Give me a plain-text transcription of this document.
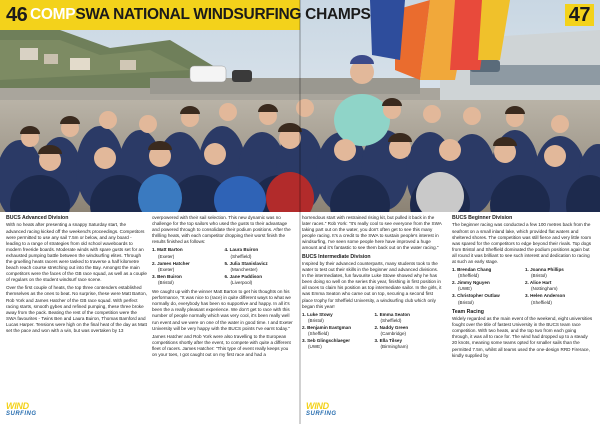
46 COMPSWA NATIONAL WINDSURFING CHAMPS	47
BUCS Advanced Division

With no heats after presenting a snappy Saturday start, the advanced racing kicked off the weekend's proceedings. Competitors were permitted to use any sail 7.5m or below, and any board - leading to a range of strategies from old school waveboards to modern freeride boards. Moderate winds with spare gusts set for an exhausted pumping battle between the windsurfing elites. Through the gruelling heats racers were tasked to traverse a half kilometre beach reach course stretching out into the Bay. Amongst the main competitors were the faces of the GB race squad, as well as a couple of regulars on the student windsurf race scene.

Over the first couple of heats, the top three contenders established themselves as the ones to beat. No surprise, these were Matt Barton, Rob York and James Hatcher of the GB race squad. With perfect racing starts, smooth gybes and refined pumping, these three broke away from the pack. Beating the rest of the competition were the SWA favourites - Twins Ben and Laura Buiron, Thomas Bamford and Lucas Harper. Tensions were high on the final heat of the day as Matt set the pace and won with a win, but was overtaken by 13

overpowered with their sail selection. This new dynamic was no challenge for the top sailors who used the gusts to their advantage and powered through to consolidate their podium positions. After the thrilling heats, with each competitor dropping their worst finish the results finished as follows:

1. Matt Barton
(Exeter)
4. Laura Buiron
(Sheffield)
2. James Hatcher
(Exeter)
5. Julia Stanislavicz
(Manchester)
3. Ben Buiron
(Bristol)
6. Jane Paddison
(Liverpool)

We caught up with the winner Matt Barton to get his thoughts on his performance, "It was nice to (race) in quite different ways to what we normally do, everybody has been so supportive and happy. In all it's been the a really pleasant experience. We don't get to race with this number of people normally which was very cool, it's been really well run event and we were on one of the water in good time. I and Exeter University will be very happy with the BUCS points I've earnt today."

James Hatcher and Rob York were also travelling to the European competitions shortly after the event, to compete with quite a different fleet of racers. James Hatcher: "This type of event really keeps you on your toes, I got caught out on my first race and had a

horrendous start with restrained rising kit, but pulled it back in the later races." Rob York: "It's really cool to see everyone from the SWA taking part out on the water, you don't often get to see this many people racing. It's a credit to the SWA to sustain people's interest in windsurfing, I've seen some people here have improved a huge amount and it's fantastic to see them back out on the water racing."

BUCS Intermediate Division

Inspired by their advanced counterparts, many students took to the water to test out their skills in the beginner and advanced divisions. In the intermediates, fun favourite Luke Stowe showed why he has been doing so well on the series this year, finishing in first position in all races to claim his position as top intermediate sailor. In the girls, it was Emma Seaton who came out on top, securing a second first place trophy for Sheffield University, a windsurfing club which only began this year!

1. Luke Stowy
(Bristol)
1. Emma Seaton
(Sheffield)
2. Benjamin Eastgman
(Sheffield)
2. Naddy Green
(Cambridge)
3. Seb Glingschlaeger
(UWE)
3. Ella Tilsey
(Birmingham)
BUCS Beginner Division

The beginner racing was conducted a few 100 metres back from the seafront on a small inland lake, which provided flat waters and sheltered shores. The competition was still fierce and very little room was spared for the competitors to edge beyond their rivals. Top dogs from Bristol and Sheffield dominated the podium positions again but all round it was brilliant to see such interest and dedication to racing at such an early stage.

1. Brendan Chang
(Sheffield)
1. Joanna Phillips
(Bristol)
2. Jimmy Nguyen
(UWE)
2. Alice Hart
(Nottingham)
3. Christopher Outlaw
(Bristol)
3. Helen Anderson
(Sheffield)
Team Racing

Widely regarded as the main event of the weekend, eight universities fought over the title of fastest University in the BUCS team race competition. With two heats, and the top two from each going through, it was all to race for. The wind had dropped up to a steady 20 knots, meaning some teams opted for smaller sails than the permitted 7.5m, whilst all teams used the one-design RRD Firerace, kindly supplied by

WIND
SURFING
WIND
SURFING
